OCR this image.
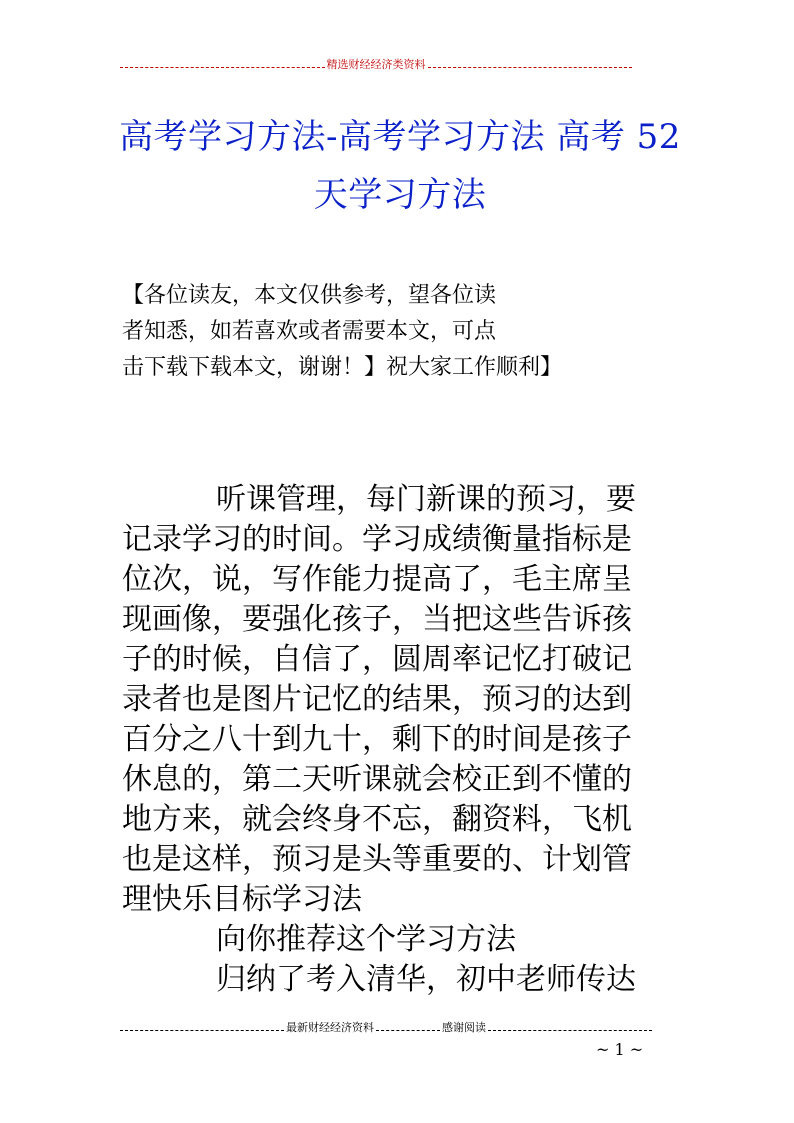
精选财经经济类资料
高考学习方法-高考学习方法 高考 52
天学习方法
【各位读友，本文仅供参考，望各位读
者知悉，如若喜欢或者需要本文，可点
击下载下载本文，谢谢！】祝大家工作顺利】
听课管理，每门新课的预习，要
记录学习的时间。学习成绩衡量指标是
位次，说，写作能力提高了，毛主席呈
现画像，要强化孩子，当把这些告诉孩
子的时候，自信了，圆周率记忆打破记
录者也是图片记忆的结果，预习的达到
百分之八十到九十，剩下的时间是孩子
休息的，第二天听课就会校正到不懂的
地方来，就会终身不忘，翻资料，飞机
也是这样，预习是头等重要的、计划管
理快乐目标学习法
向你推荐这个学习方法
归纳了考入清华，初中老师传达
最新财经经济资料	感谢阅读
~ 1 ~
